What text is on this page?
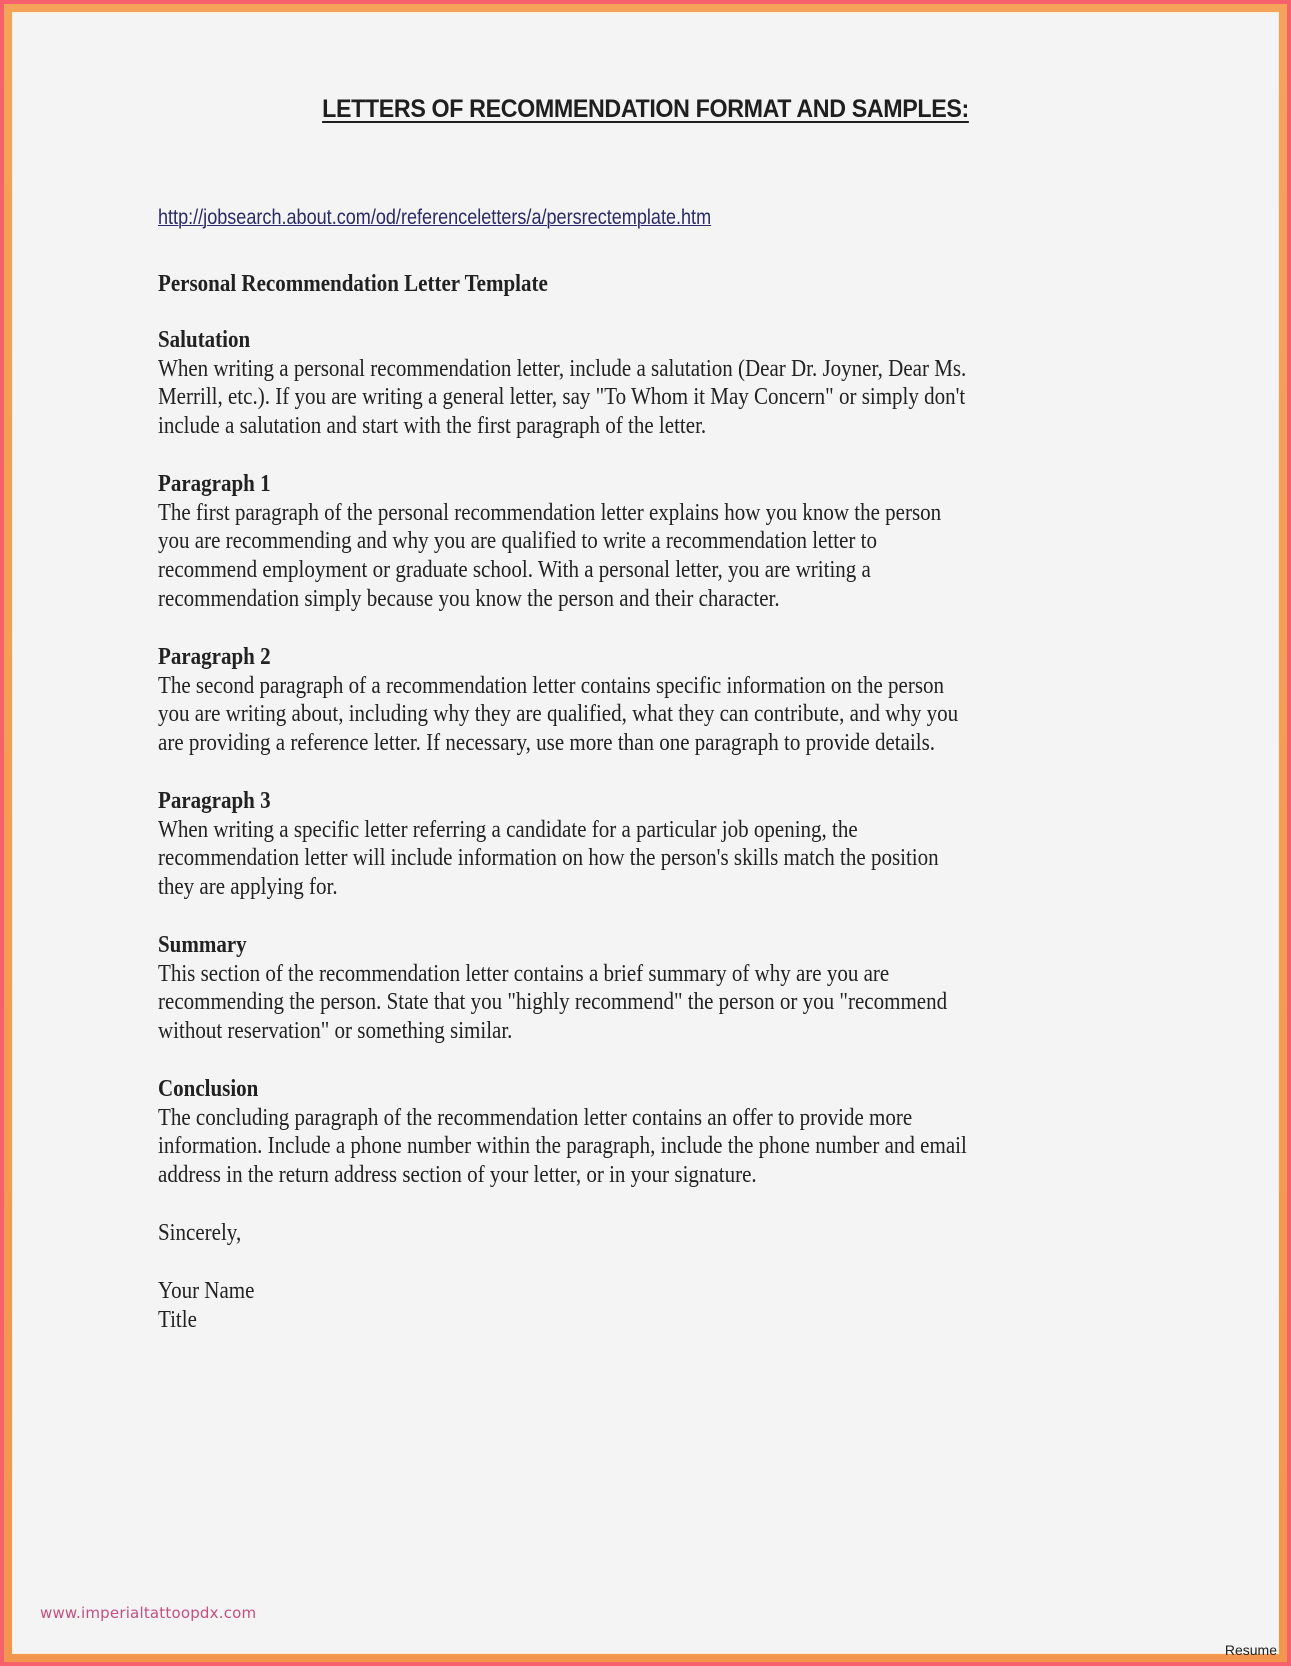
LETTERS OF RECOMMENDATION FORMAT AND SAMPLES:
http://jobsearch.about.com/od/referenceletters/a/persrectemplate.htm
Personal Recommendation Letter Template
Salutation
When writing a personal recommendation letter, include a salutation (Dear Dr. Joyner, Dear Ms.
Merrill, etc.). If you are writing a general letter, say "To Whom it May Concern" or simply don't
include a salutation and start with the first paragraph of the letter.
Paragraph 1
The first paragraph of the personal recommendation letter explains how you know the person
you are recommending and why you are qualified to write a recommendation letter to
recommend employment or graduate school. With a personal letter, you are writing a
recommendation simply because you know the person and their character.
Paragraph 2
The second paragraph of a recommendation letter contains specific information on the person
you are writing about, including why they are qualified, what they can contribute, and why you
are providing a reference letter. If necessary, use more than one paragraph to provide details.
Paragraph 3
When writing a specific letter referring a candidate for a particular job opening, the
recommendation letter will include information on how the person's skills match the position
they are applying for.
Summary
This section of the recommendation letter contains a brief summary of why are you are
recommending the person. State that you "highly recommend" the person or you "recommend
without reservation" or something similar.
Conclusion
The concluding paragraph of the recommendation letter contains an offer to provide more
information. Include a phone number within the paragraph, include the phone number and email
address in the return address section of your letter, or in your signature.
Sincerely,
Your Name
Title
www.imperialtattoopdx.com
Resume
